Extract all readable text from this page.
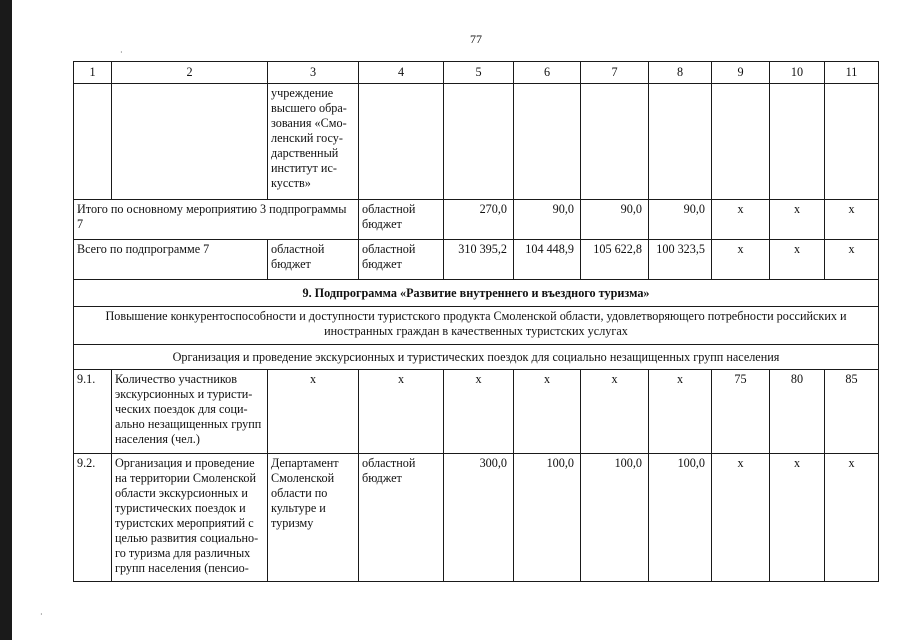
77
·
·
1	2	3	4	5	6	7	8	9	10	11
		учреждение высшего обра-зования «Смо-ленский госу-дарственный институт ис-кусств»								
Итого по основному мероприятию 3 подпрограммы 7			областной бюджет	270,0	90,0	90,0	90,0	x	x	x
Всего по подпрограмме 7		областной бюджет	областной бюджет	310 395,2	104 448,9	105 622,8	100 323,5	x	x	x
9. Подпрограмма «Развитие внутреннего и въездного туризма»										
Повышение конкурентоспособности и доступности туристского продукта Смоленской области, удовлетворяющего потребности российских и иностранных граждан в качественных туристских услугах										
Организация и проведение экскурсионных и туристических поездок для социально незащищенных групп населения										
9.1.	Количество участников экскурсионных и туристических поездок для социально незащищенных групп населения (чел.)	x	x	x	x	x	x	75	80	85
9.2.	Организация и проведение на территории Смоленской области экскурсионных и туристических поездок и туристских мероприятий с целью развития социального туризма для различных групп населения (пенсио-	Департамент Смоленской области по культуре и туризму	областной бюджет	300,0	100,0	100,0	100,0	x	x	x
